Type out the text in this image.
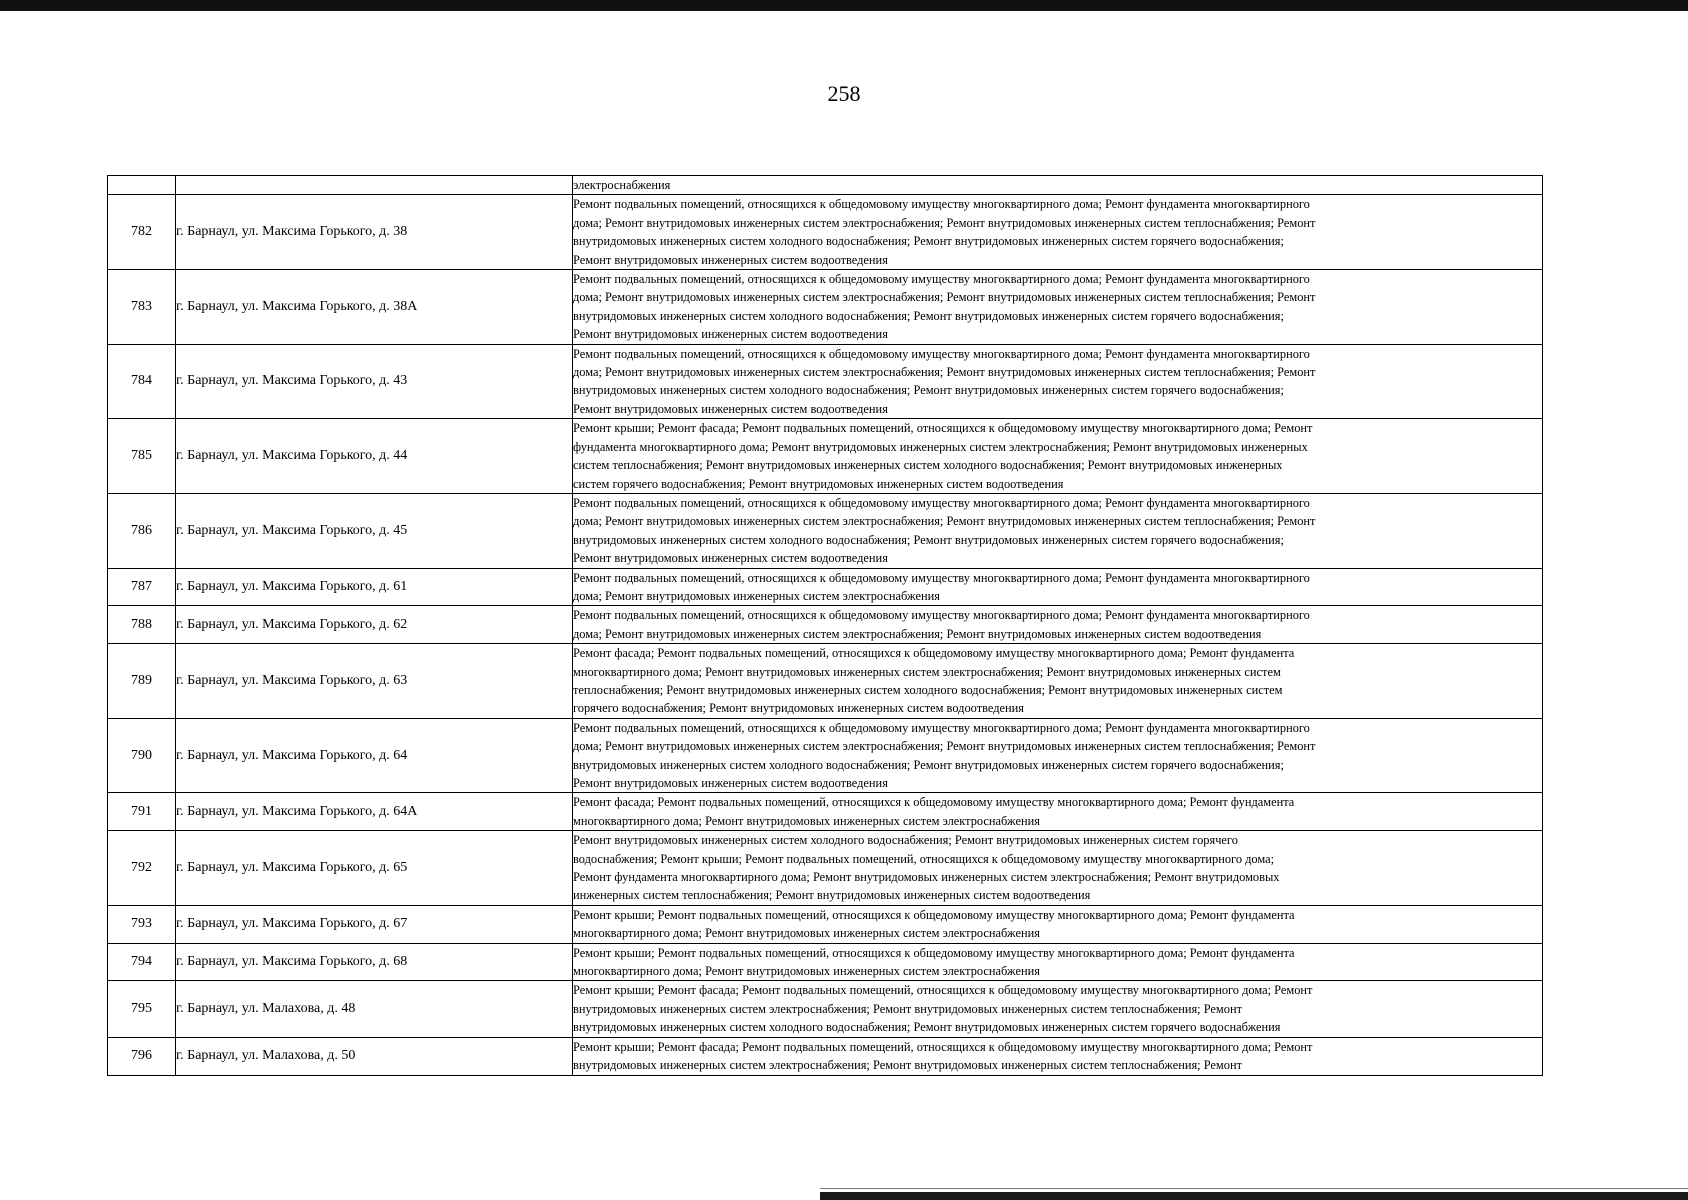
258
		электроснабжения
782	г. Барнаул, ул. Максима Горького, д. 38	Ремонт подвальных помещений, относящихся к общедомовому имуществу многоквартирного дома; Ремонт фундамента многоквартирного
дома; Ремонт внутридомовых инженерных систем электроснабжения; Ремонт внутридомовых инженерных систем теплоснабжения; Ремонт
внутридомовых инженерных систем холодного водоснабжения; Ремонт внутридомовых инженерных систем горячего водоснабжения;
Ремонт внутридомовых инженерных систем водоотведения
783	г. Барнаул, ул. Максима Горького, д. 38А	Ремонт подвальных помещений, относящихся к общедомовому имуществу многоквартирного дома; Ремонт фундамента многоквартирного
дома; Ремонт внутридомовых инженерных систем электроснабжения; Ремонт внутридомовых инженерных систем теплоснабжения; Ремонт
внутридомовых инженерных систем холодного водоснабжения; Ремонт внутридомовых инженерных систем горячего водоснабжения;
Ремонт внутридомовых инженерных систем водоотведения
784	г. Барнаул, ул. Максима Горького, д. 43	Ремонт подвальных помещений, относящихся к общедомовому имуществу многоквартирного дома; Ремонт фундамента многоквартирного
дома; Ремонт внутридомовых инженерных систем электроснабжения; Ремонт внутридомовых инженерных систем теплоснабжения; Ремонт
внутридомовых инженерных систем холодного водоснабжения; Ремонт внутридомовых инженерных систем горячего водоснабжения;
Ремонт внутридомовых инженерных систем водоотведения
785	г. Барнаул, ул. Максима Горького, д. 44	Ремонт крыши; Ремонт фасада; Ремонт подвальных помещений, относящихся к общедомовому имуществу многоквартирного дома; Ремонт
фундамента многоквартирного дома; Ремонт внутридомовых инженерных систем электроснабжения; Ремонт внутридомовых инженерных
систем теплоснабжения; Ремонт внутридомовых инженерных систем холодного водоснабжения; Ремонт внутридомовых инженерных
систем горячего водоснабжения; Ремонт внутридомовых инженерных систем водоотведения
786	г. Барнаул, ул. Максима Горького, д. 45	Ремонт подвальных помещений, относящихся к общедомовому имуществу многоквартирного дома; Ремонт фундамента многоквартирного
дома; Ремонт внутридомовых инженерных систем электроснабжения; Ремонт внутридомовых инженерных систем теплоснабжения; Ремонт
внутридомовых инженерных систем холодного водоснабжения; Ремонт внутридомовых инженерных систем горячего водоснабжения;
Ремонт внутридомовых инженерных систем водоотведения
787	г. Барнаул, ул. Максима Горького, д. 61	Ремонт подвальных помещений, относящихся к общедомовому имуществу многоквартирного дома; Ремонт фундамента многоквартирного
дома; Ремонт внутридомовых инженерных систем электроснабжения
788	г. Барнаул, ул. Максима Горького, д. 62	Ремонт подвальных помещений, относящихся к общедомовому имуществу многоквартирного дома; Ремонт фундамента многоквартирного
дома; Ремонт внутридомовых инженерных систем электроснабжения; Ремонт внутридомовых инженерных систем водоотведения
789	г. Барнаул, ул. Максима Горького, д. 63	Ремонт фасада; Ремонт подвальных помещений, относящихся к общедомовому имуществу многоквартирного дома; Ремонт фундамента
многоквартирного дома; Ремонт внутридомовых инженерных систем электроснабжения; Ремонт внутридомовых инженерных систем
теплоснабжения; Ремонт внутридомовых инженерных систем холодного водоснабжения; Ремонт внутридомовых инженерных систем
горячего водоснабжения; Ремонт внутридомовых инженерных систем водоотведения
790	г. Барнаул, ул. Максима Горького, д. 64	Ремонт подвальных помещений, относящихся к общедомовому имуществу многоквартирного дома; Ремонт фундамента многоквартирного
дома; Ремонт внутридомовых инженерных систем электроснабжения; Ремонт внутридомовых инженерных систем теплоснабжения; Ремонт
внутридомовых инженерных систем холодного водоснабжения; Ремонт внутридомовых инженерных систем горячего водоснабжения;
Ремонт внутридомовых инженерных систем водоотведения
791	г. Барнаул, ул. Максима Горького, д. 64А	Ремонт фасада; Ремонт подвальных помещений, относящихся к общедомовому имуществу многоквартирного дома; Ремонт фундамента
многоквартирного дома; Ремонт внутридомовых инженерных систем электроснабжения
792	г. Барнаул, ул. Максима Горького, д. 65	Ремонт внутридомовых инженерных систем холодного водоснабжения; Ремонт внутридомовых инженерных систем горячего
водоснабжения; Ремонт крыши; Ремонт подвальных помещений, относящихся к общедомовому имуществу многоквартирного дома;
Ремонт фундамента многоквартирного дома; Ремонт внутридомовых инженерных систем электроснабжения; Ремонт внутридомовых
инженерных систем теплоснабжения; Ремонт внутридомовых инженерных систем водоотведения
793	г. Барнаул, ул. Максима Горького, д. 67	Ремонт крыши; Ремонт подвальных помещений, относящихся к общедомовому имуществу многоквартирного дома; Ремонт фундамента
многоквартирного дома; Ремонт внутридомовых инженерных систем электроснабжения
794	г. Барнаул, ул. Максима Горького, д. 68	Ремонт крыши; Ремонт подвальных помещений, относящихся к общедомовому имуществу многоквартирного дома; Ремонт фундамента
многоквартирного дома; Ремонт внутридомовых инженерных систем электроснабжения
795	г. Барнаул, ул. Малахова, д. 48	Ремонт крыши; Ремонт фасада; Ремонт подвальных помещений, относящихся к общедомовому имуществу многоквартирного дома; Ремонт
внутридомовых инженерных систем электроснабжения; Ремонт внутридомовых инженерных систем теплоснабжения; Ремонт
внутридомовых инженерных систем холодного водоснабжения; Ремонт внутридомовых инженерных систем горячего водоснабжения
796	г. Барнаул, ул. Малахова, д. 50	Ремонт крыши; Ремонт фасада; Ремонт подвальных помещений, относящихся к общедомовому имуществу многоквартирного дома; Ремонт
внутридомовых инженерных систем электроснабжения; Ремонт внутридомовых инженерных систем теплоснабжения; Ремонт
